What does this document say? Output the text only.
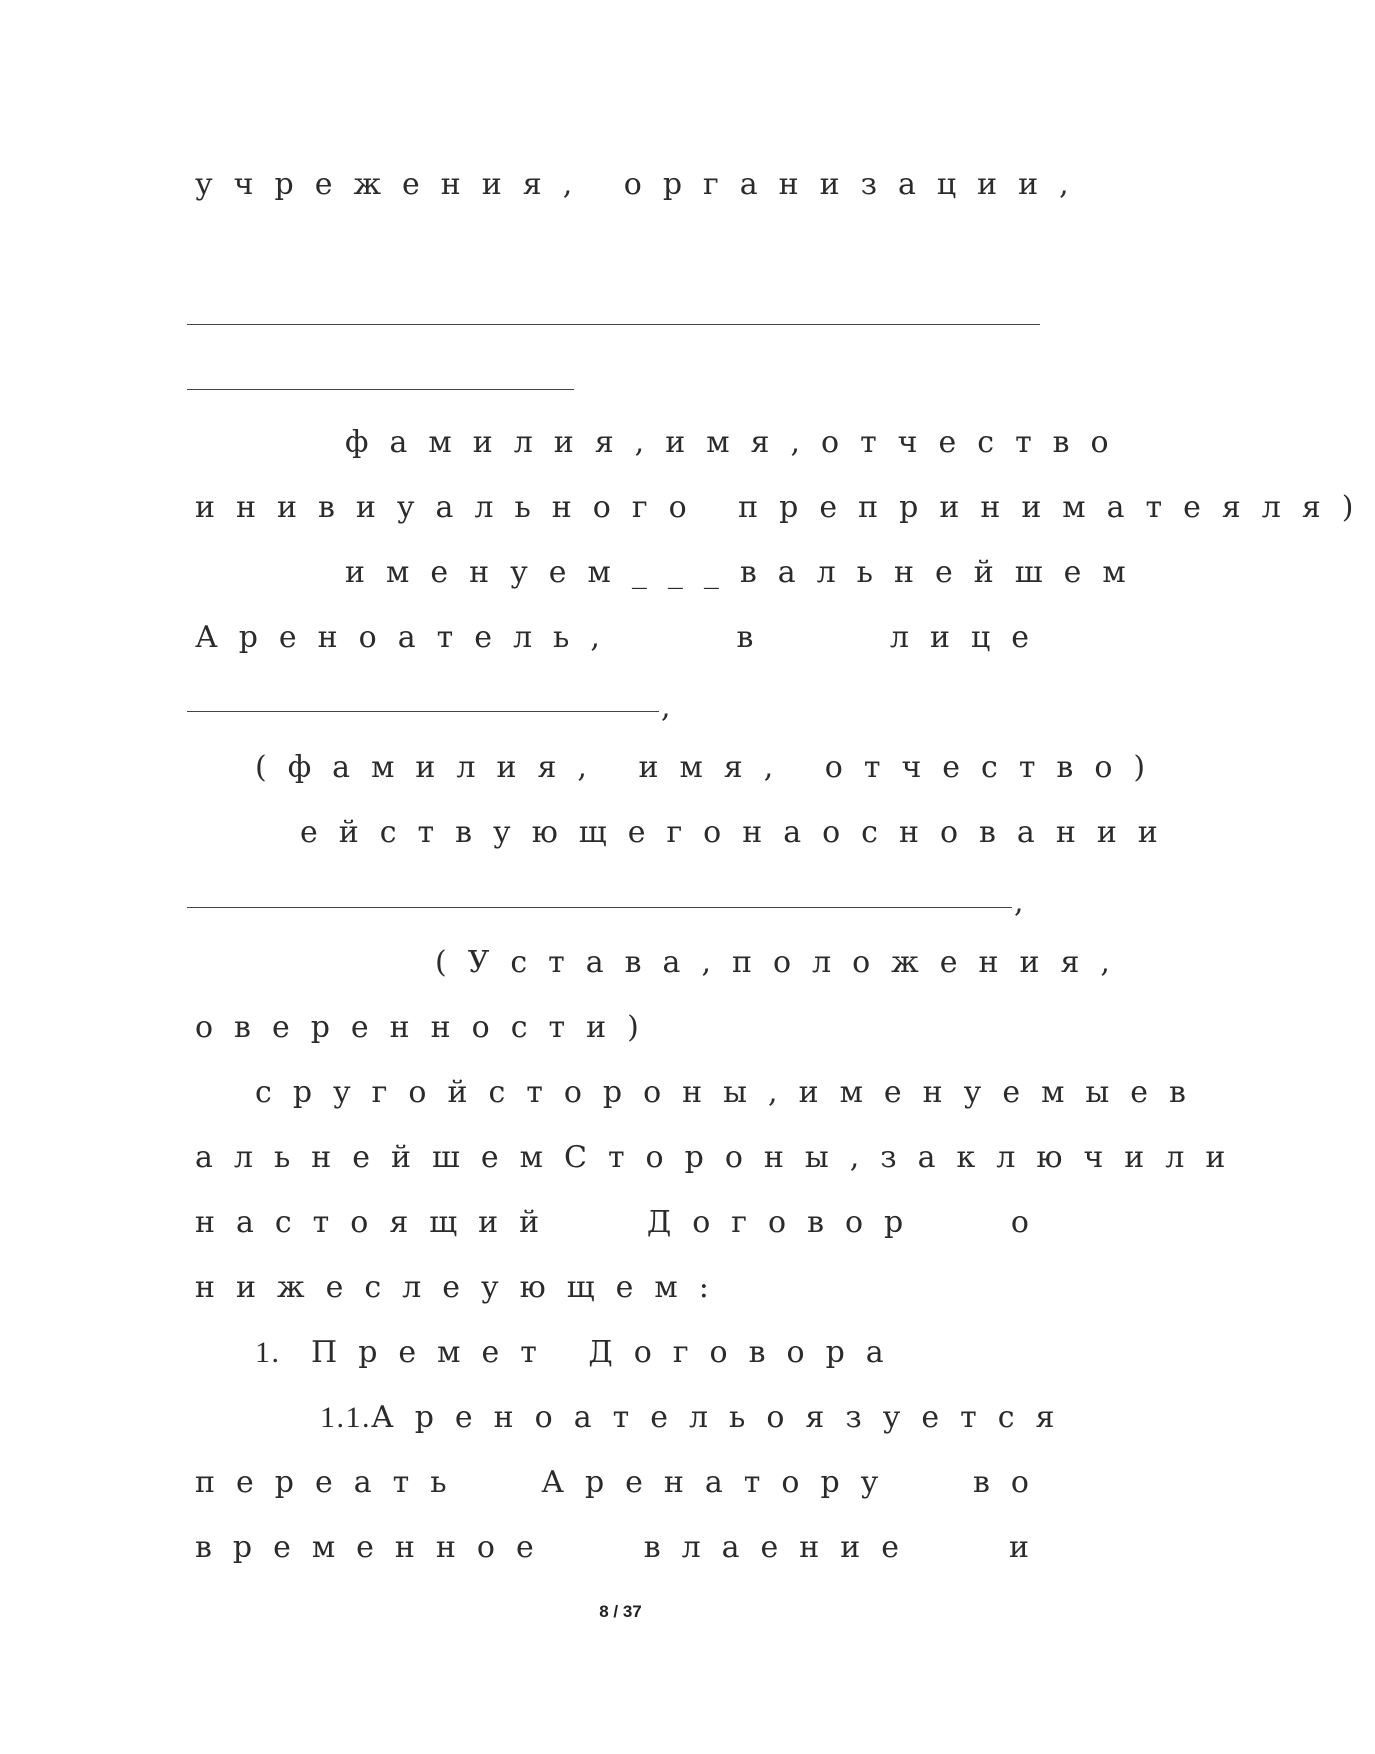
учрежения, организации,
фамилия, имя, отчество
инивиуального преприниматеяля)
именуем___ в альнейшем
Ареноатель,	в	лице
,
(фамилия, имя, отчество)
ействующего на основании
,
(Устава, положения,
оверенности)
с ругой стороны, именуемые в
альнейшем Стороны, заключили
настоящий	Договор	о
нижеслеующем:
1. Премет Договора
1.1. Ареноатель оязуется
переать Аренатору во
временное	влаение	и
8 / 37
